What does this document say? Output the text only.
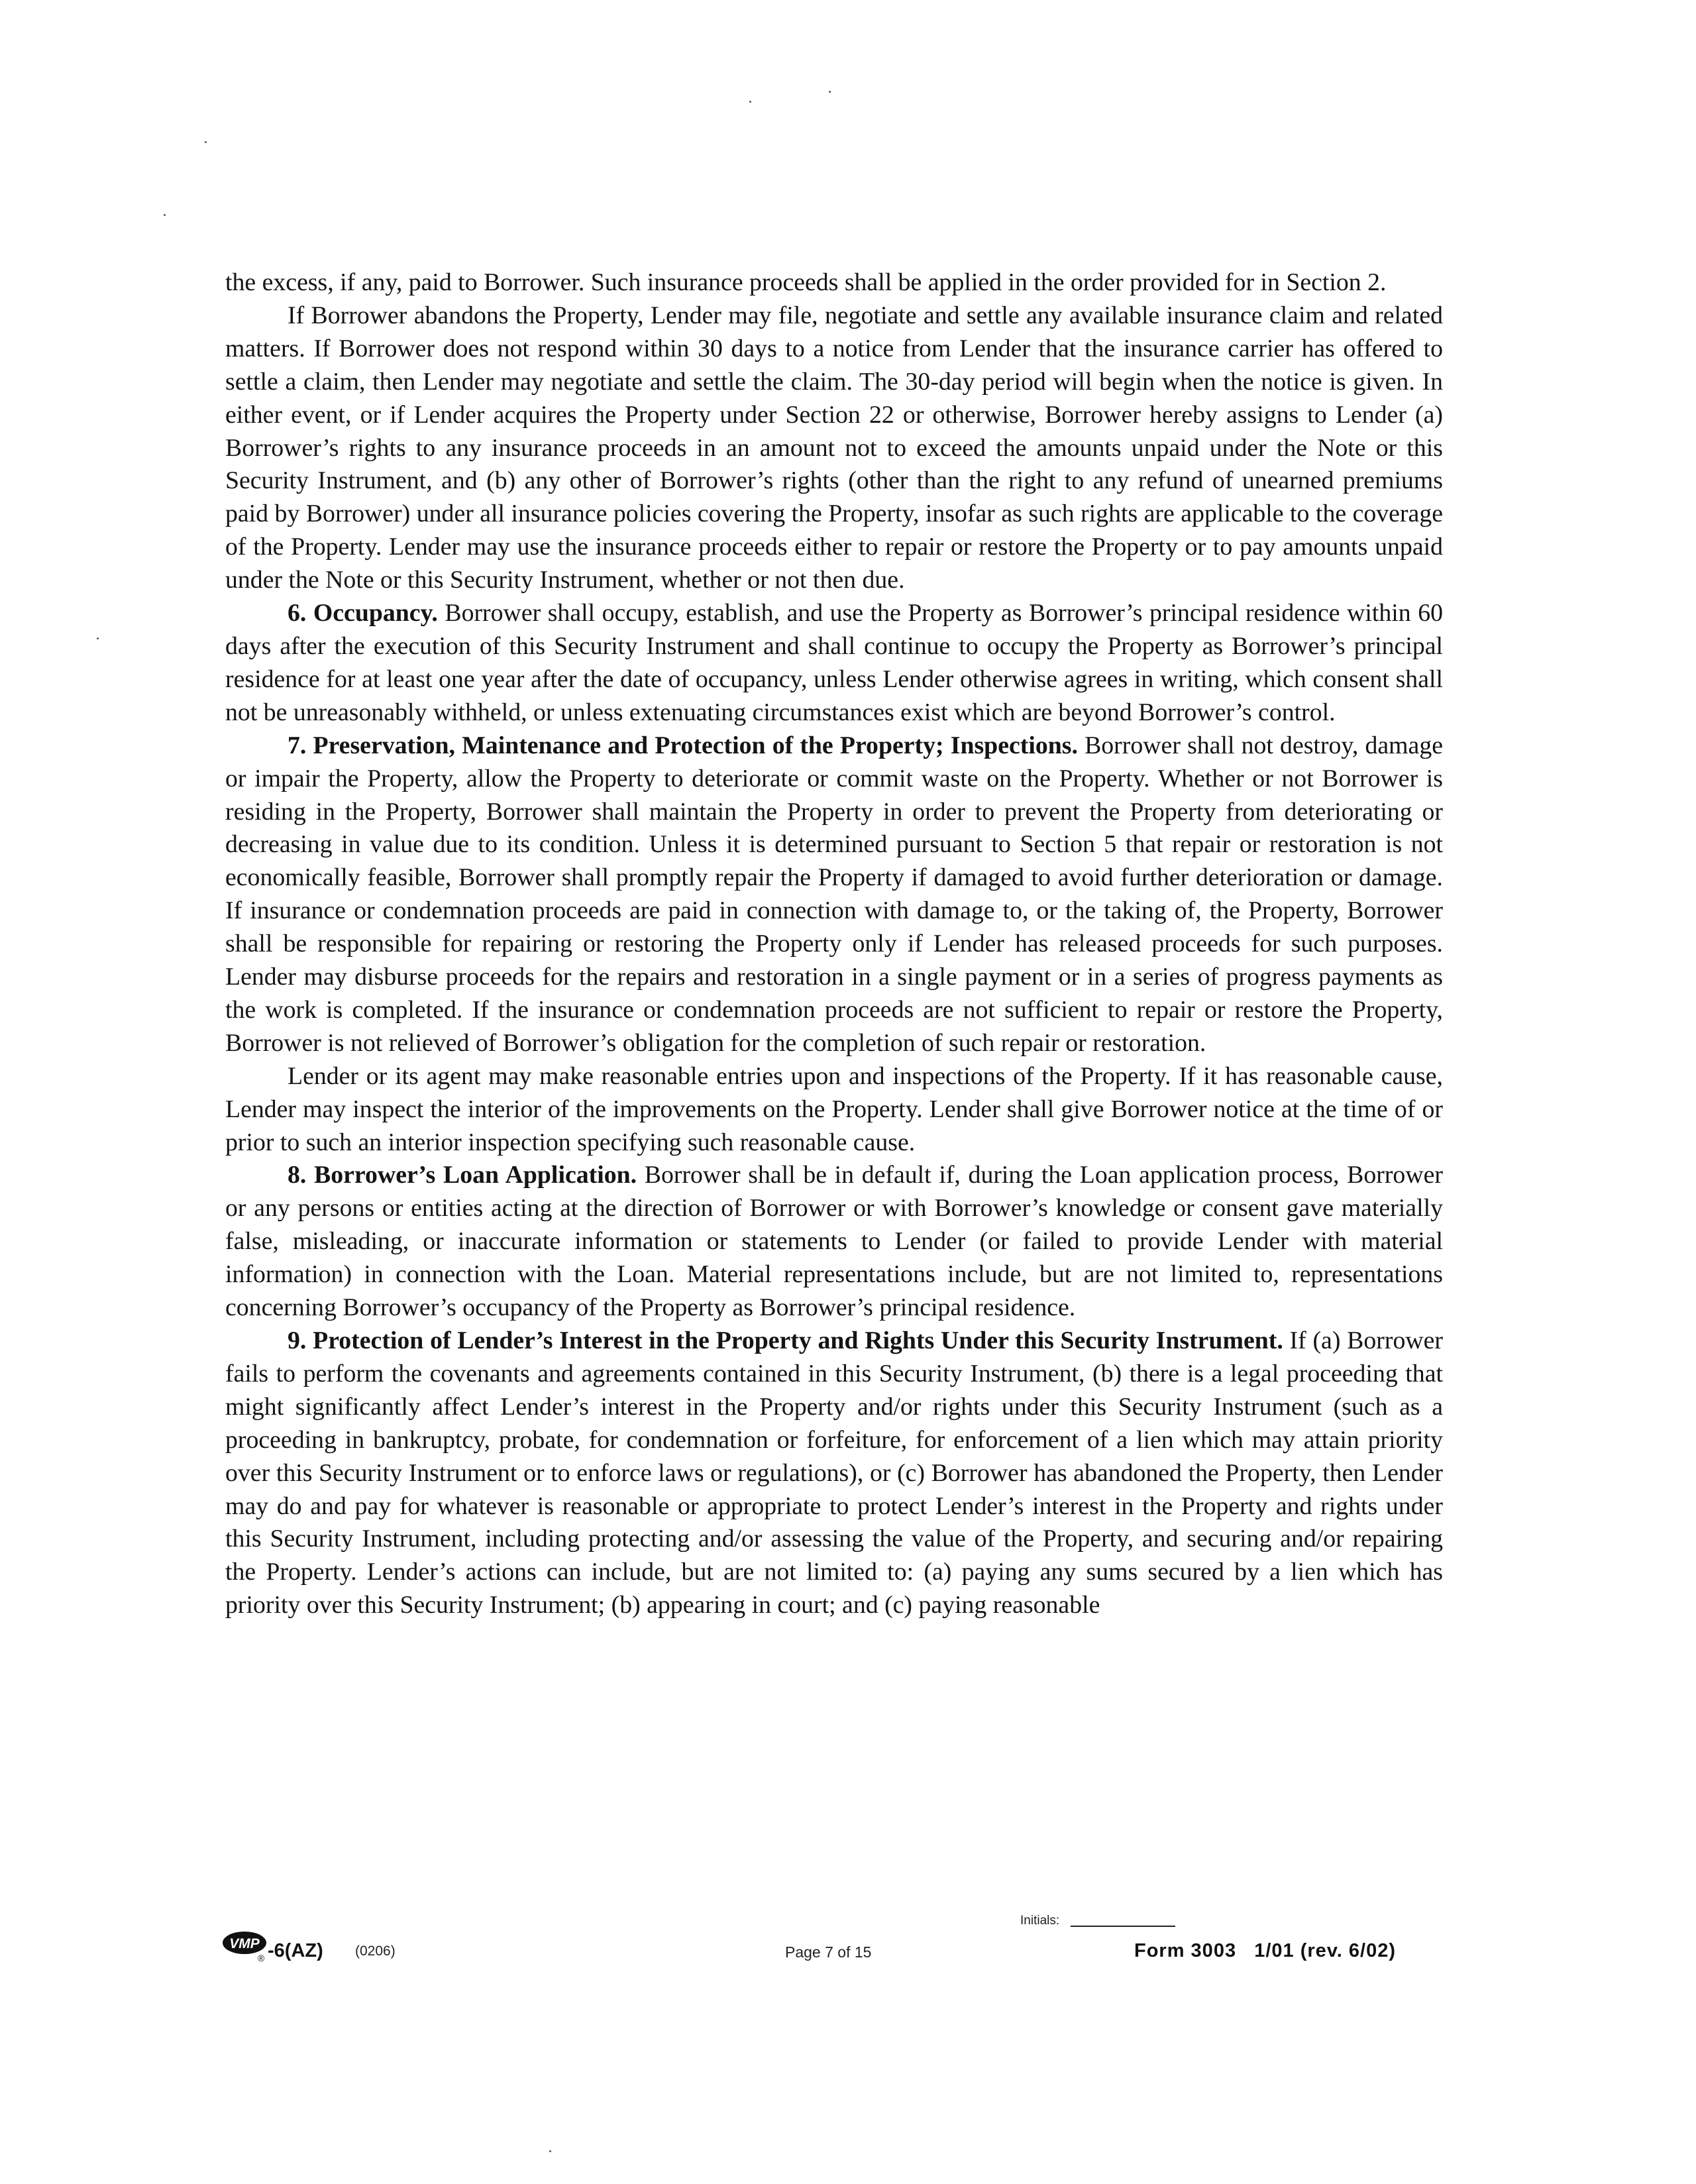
the excess, if any, paid to Borrower. Such insurance proceeds shall be applied in the order provided for in Section 2.

If Borrower abandons the Property, Lender may file, negotiate and settle any available insurance claim and related matters. If Borrower does not respond within 30 days to a notice from Lender that the insurance carrier has offered to settle a claim, then Lender may negotiate and settle the claim. The 30-day period will begin when the notice is given. In either event, or if Lender acquires the Property under Section 22 or otherwise, Borrower hereby assigns to Lender (a) Borrower’s rights to any insurance proceeds in an amount not to exceed the amounts unpaid under the Note or this Security Instrument, and (b) any other of Borrower’s rights (other than the right to any refund of unearned premiums paid by Borrower) under all insurance policies covering the Property, insofar as such rights are applicable to the coverage of the Property. Lender may use the insurance proceeds either to repair or restore the Property or to pay amounts unpaid under the Note or this Security Instrument, whether or not then due.

6. Occupancy. Borrower shall occupy, establish, and use the Property as Borrower’s principal residence within 60 days after the execution of this Security Instrument and shall continue to occupy the Property as Borrower’s principal residence for at least one year after the date of occupancy, unless Lender otherwise agrees in writing, which consent shall not be unreasonably withheld, or unless extenuating circumstances exist which are beyond Borrower’s control.

7. Preservation, Maintenance and Protection of the Property; Inspections. Borrower shall not destroy, damage or impair the Property, allow the Property to deteriorate or commit waste on the Property. Whether or not Borrower is residing in the Property, Borrower shall maintain the Property in order to prevent the Property from deteriorating or decreasing in value due to its condition. Unless it is determined pursuant to Section 5 that repair or restoration is not economically feasible, Borrower shall promptly repair the Property if damaged to avoid further deterioration or damage. If insurance or condemnation proceeds are paid in connection with damage to, or the taking of, the Property, Borrower shall be responsible for repairing or restoring the Property only if Lender has released proceeds for such purposes. Lender may disburse proceeds for the repairs and restoration in a single payment or in a series of progress payments as the work is completed. If the insurance or condemnation proceeds are not sufficient to repair or restore the Property, Borrower is not relieved of Borrower’s obligation for the completion of such repair or restoration.

Lender or its agent may make reasonable entries upon and inspections of the Property. If it has reasonable cause, Lender may inspect the interior of the improvements on the Property. Lender shall give Borrower notice at the time of or prior to such an interior inspection specifying such reasonable cause.

8. Borrower’s Loan Application. Borrower shall be in default if, during the Loan application process, Borrower or any persons or entities acting at the direction of Borrower or with Borrower’s knowledge or consent gave materially false, misleading, or inaccurate information or statements to Lender (or failed to provide Lender with material information) in connection with the Loan. Material representations include, but are not limited to, representations concerning Borrower’s occupancy of the Property as Borrower’s principal residence.

9. Protection of Lender’s Interest in the Property and Rights Under this Security Instrument. If (a) Borrower fails to perform the covenants and agreements contained in this Security Instrument, (b) there is a legal proceeding that might significantly affect Lender’s interest in the Property and/or rights under this Security Instrument (such as a proceeding in bankruptcy, probate, for condemnation or forfeiture, for enforcement of a lien which may attain priority over this Security Instrument or to enforce laws or regulations), or (c) Borrower has abandoned the Property, then Lender may do and pay for whatever is reasonable or appropriate to protect Lender’s interest in the Property and rights under this Security Instrument, including protecting and/or assessing the value of the Property, and securing and/or repairing the Property. Lender’s actions can include, but are not limited to: (a) paying any sums secured by a lien which has priority over this Security Instrument; (b) appearing in court; and (c) paying reasonable

VMP
® -6(AZ) (0206)	Page 7 of 15
Initials:
Form 3003   1/01 (rev. 6/02)
